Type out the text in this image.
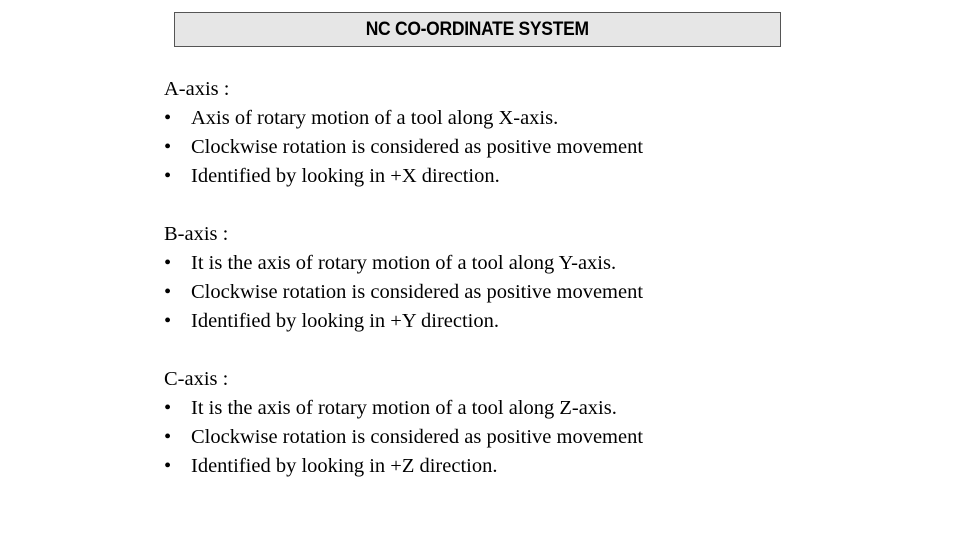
NC CO-ORDINATE SYSTEM
A-axis :
• Axis of rotary motion of a tool along X-axis.
• Clockwise rotation is considered as positive movement
• Identified by looking in +X direction.
B-axis :
• It is the axis of rotary motion of a tool along Y-axis.
• Clockwise rotation is considered as positive movement
• Identified by looking in +Y direction.
C-axis :
• It is the axis of rotary motion of a tool along Z-axis.
• Clockwise rotation is considered as positive movement
• Identified by looking in +Z direction.
